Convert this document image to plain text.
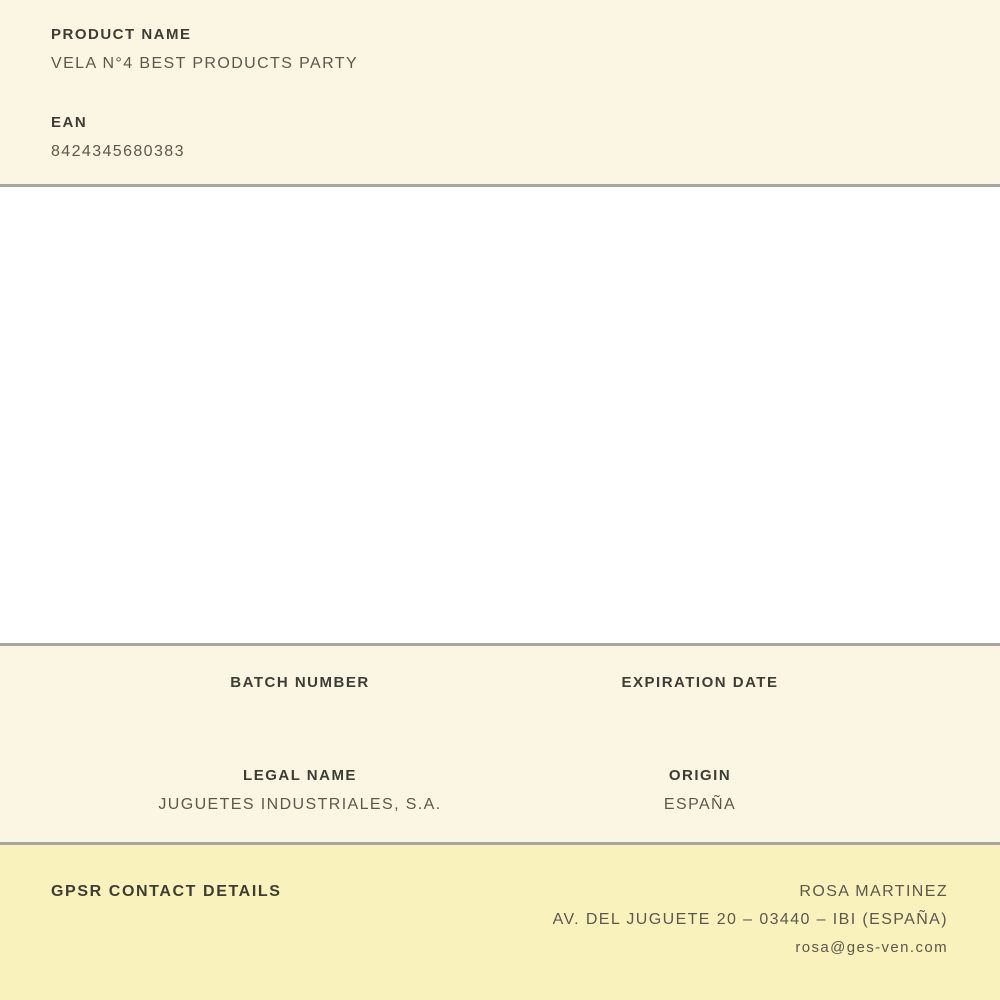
PRODUCT NAME
VELA N°4 BEST PRODUCTS PARTY
EAN
8424345680383
BATCH NUMBER	EXPIRATION DATE
LEGAL NAME
JUGUETES INDUSTRIALES, S.A.
ORIGIN
ESPAÑA
GPSR CONTACT DETAILS	ROSA MARTINEZ
AV. DEL JUGUETE 20 – 03440 – IBI (ESPAÑA)
rosa@ges-ven.com
